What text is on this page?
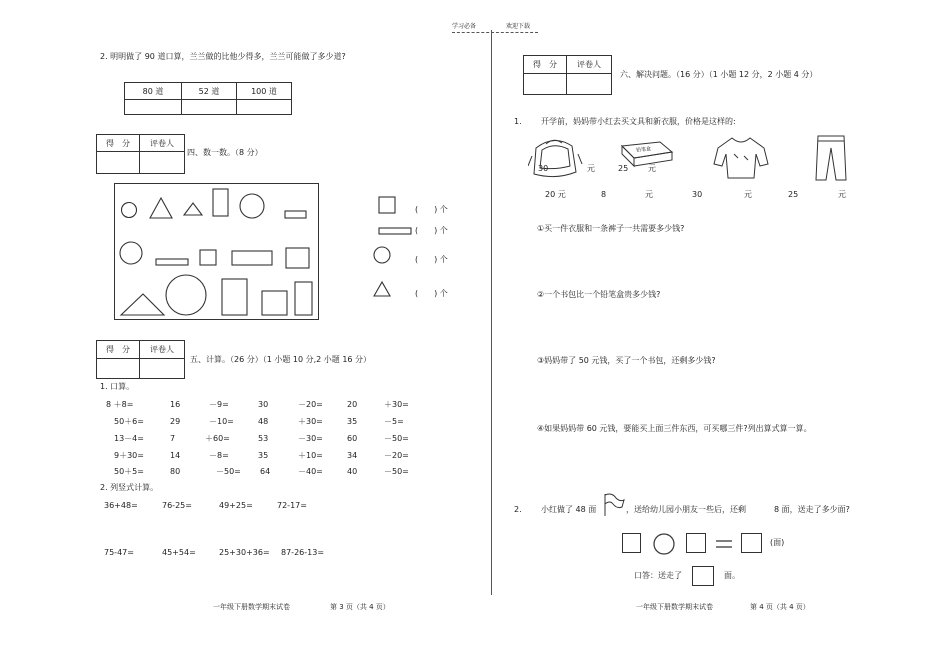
学习必备	欢迎下载
2. 明明做了 90 道口算，兰兰做的比他少得多，兰兰可能做了多少道?
80 道	52 道	100 道

得　分	评卷人

四、数一数。（8 分）
(　　) 个
(　　) 个
(　　) 个
(　　) 个
得　分	评卷人

五、计算。（26 分）（1 小题 10 分,2 小题 16 分）
1. 口算。
8 ＋8=	16	－9=	30	－20=	20	＋30=
50＋6=	29	－10=	48	＋30=	35	－5=
13－4=	7	＋60=	53	－30=	60	－50=
9＋30=	14	－8=	35	＋10=	34	－20=
50＋5=	80	－50= 64	－40=	40	－50=
2. 列竖式计算。
36+48=	76-25=	49+25=	72-17=
75-47=	45+54=	25+30+36= 87-26-13=
一年级下册数学期末试卷	第 3 页（共 4 页）
得　分	评卷人

六、解决问题。（16 分）（1 小题 12 分，2 小题 4 分）
1. 开学前，妈妈带小红去买文具和新衣服，价格是这样的:
30	元
铅笔盒
25 元
20 元	8	元	30	元	25	元
①买一件衣服和一条裤子一共需要多少钱?
②一个书包比一个铅笔盒贵多少钱?
③妈妈带了 50 元钱，买了一个书包，还剩多少钱?
④如果妈妈带 60 元钱，要能买上面三件东西，可买哪三件?列出算式算一算。
2. 小红做了 48 面	，送给幼儿园小朋友一些后，还剩	8 面，送走了多少面?
(面)
口答：送走了	面。
一年级下册数学期末试卷	第 4 页（共 4 页）
